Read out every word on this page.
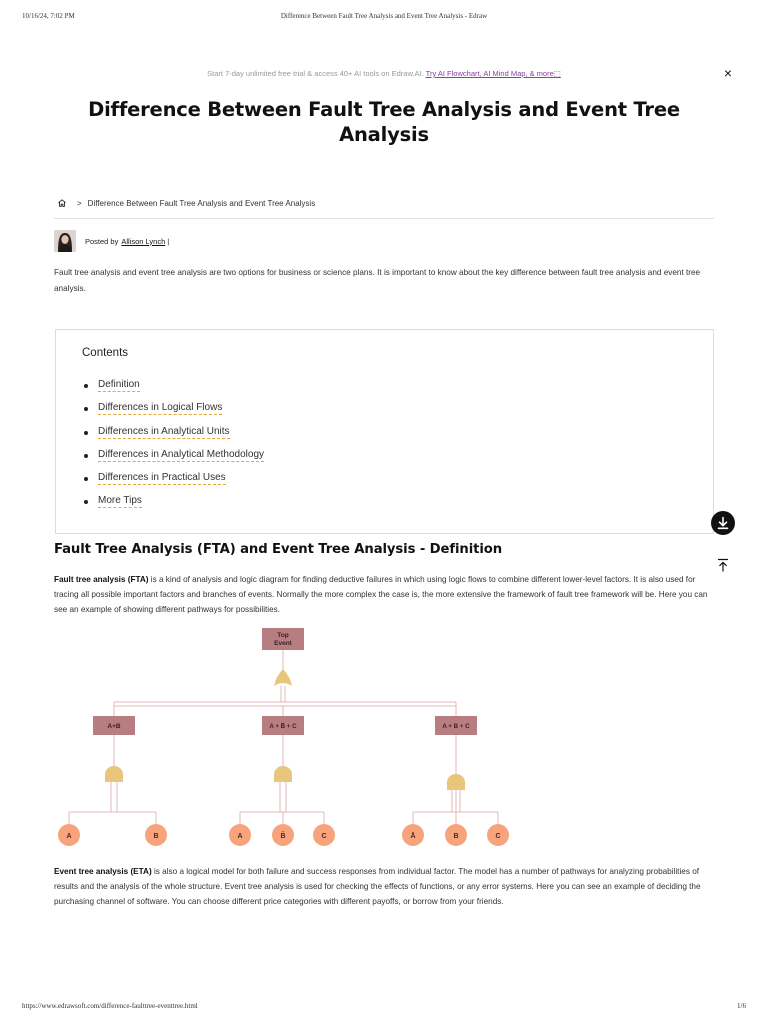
10/16/24, 7:02 PM	Difference Between Fault Tree Analysis and Event Tree Analysis - Edraw
Start 7-day unlimited free trial & access 40+ AI tools on Edraw.AI. Try AI Flowchart, AI Mind Map, & more⬚	×
Difference Between Fault Tree Analysis and Event Tree Analysis
> Difference Between Fault Tree Analysis and Event Tree Analysis
Posted by Allison Lynch |

Fault tree analysis and event tree analysis are two options for business or science plans. It is important to know about the key difference between fault tree analysis and event tree analysis.

Contents
Definition
Differences in Logical Flows
Differences in Analytical Units
Differences in Analytical Methodology
Differences in Practical Uses
More Tips
Fault Tree Analysis (FTA) and Event Tree Analysis - Definition

Fault tree analysis (FTA) is a kind of analysis and logic diagram for finding deductive failures in which using logic flows to combine different lower-level factors. It is also used for tracing all possible important factors and branches of events. Normally the more complex the case is, the more extensive the framework of fault tree framework will be. Here you can see an example of showing different pathways for possibilities.

Top
Event
A+B	A + B̄ + C	A + B + C
A	B	A	B̄	C	Ā	B	C

Event tree analysis (ETA) is also a logical model for both failure and success responses from individual factor. The model has a number of pathways for analyzing probabilities of results and the analysis of the whole structure. Event tree analysis is used for checking the effects of functions, or any error systems. Here you can see an example of deciding the purchasing channel of software. You can choose different price categories with different payoffs, or borrow from your friends.

https://www.edrawsoft.com/difference-faulttree-eventtree.html	1/6
